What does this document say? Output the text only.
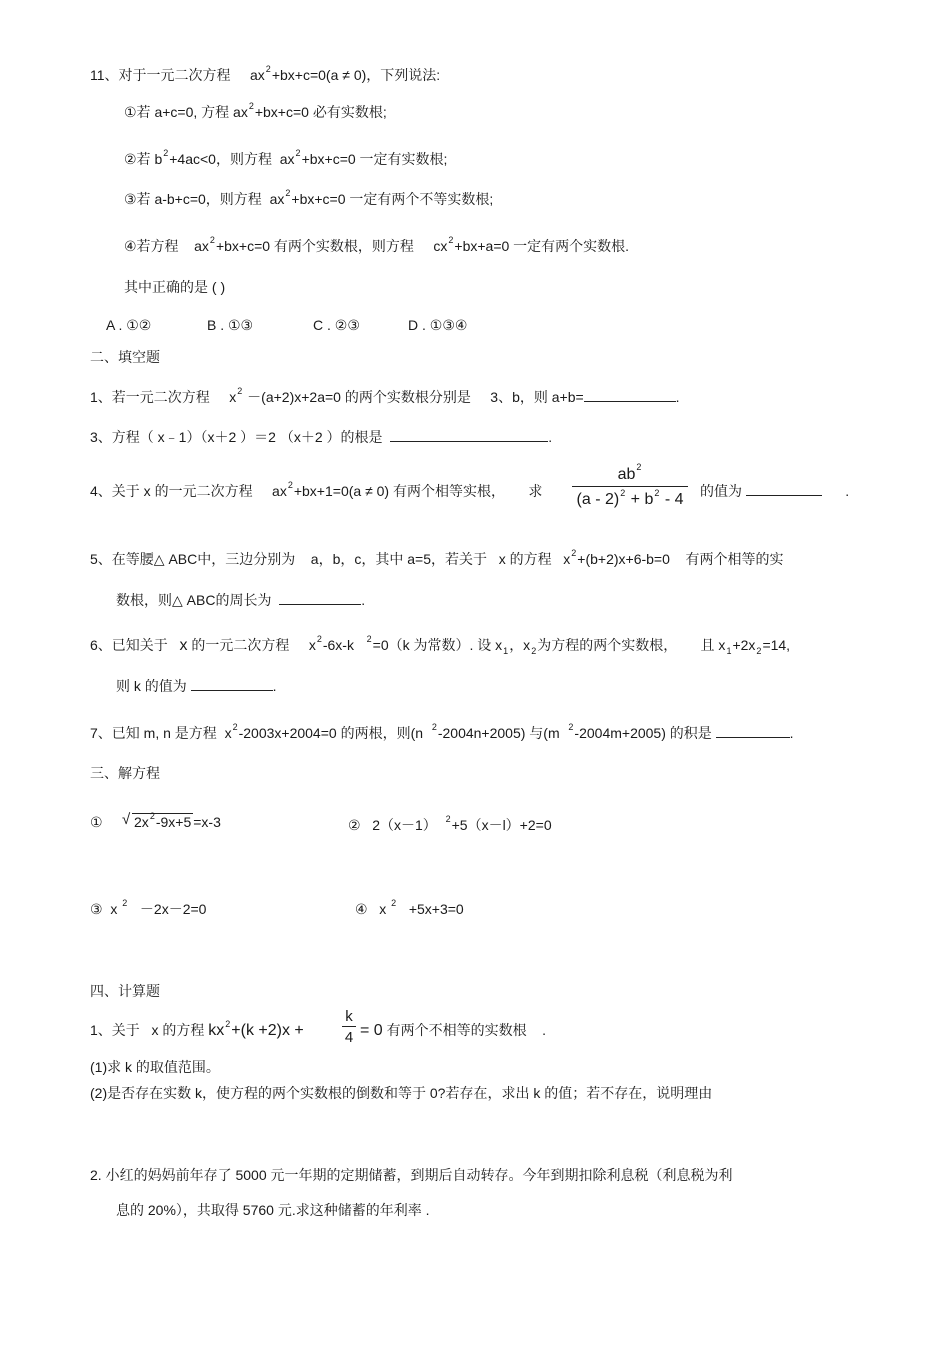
11、对于一元二次方程 $ax^2+bx+c=0(a \ne 0)$，下列说法:
①若 a+c=0, 方程 $ax^2+bx+c=0$ 必有实数根;
②若 $b^2+4ac<0$，则方程 $ax^2+bx+c=0$ 一定有实数根;
③若 a-b+c=0，则方程 $ax^2+bx+c=0$ 一定有两个不等实数根;
④若方程 $ax^2+bx+c=0$ 有两个实数根，则方程 $cx^2+bx+a=0$ 一定有两个实数根.
其中正确的是 ( )
A . ①②	B . ①③	C . ②③	D . ①③④
二、填空题
1、若一元二次方程 $x^2 -(a+2)x+2a=0$ 的两个实数根分别是 3、b，则 a+b=	.
3、方程（ x﹣1）（x＋2 ）＝2 （x＋2 ）的根是	.
4、关于 x 的一元二次方程 $ax^2+bx+1=0(a \ne 0)$ 有两个相等实根， 求
$ab^2$
$(a - 2)^2 + b^2 - 4$	的值为	.
5、在等腰△ ABC中，三边分别为 a，b，c，其中 a=5，若关于 x 的方程 $x^2+(b+2)x+6-b=0$ 有两个相等的实
数根，则△ ABC的周长为	.
6、已知关于 x 的一元二次方程 $x^2-6x-k$ $^2$=0（k 为常数）. 设 $x_1$，$x_2$为方程的两个实数根， 且 $x_1+2x_2=14$,
则 k 的值为	.
7、已知 m, n 是方程 $x^2-2003x+2004=0$ 的两根，则(n $^2$-2004n+2005) 与(m $^2$-2004m+2005) 的积是	.
三、解方程
① √ $2x^2-9x+5 =x-3$	② 2（x－1） $^2$+5（x－l）+2=0
③ x $^2$ －2x－2=0	④ x $^2$ +5x+3=0
四、计算题
1、关于 x 的方程 $kx^2+(k +2)x$ +
k
4 = 0 有两个不相等的实数根 .
(1)求 k 的取值范围。
(2)是否存在实数 k，使方程的两个实数根的倒数和等于 0?若存在，求出 k 的值；若不存在，说明理由
2. 小红的妈妈前年存了 5000 元一年期的定期储蓄，到期后自动转存。今年到期扣除利息税（利息税为利
息的 20%），共取得 5760 元.求这种储蓄的年利率 .
